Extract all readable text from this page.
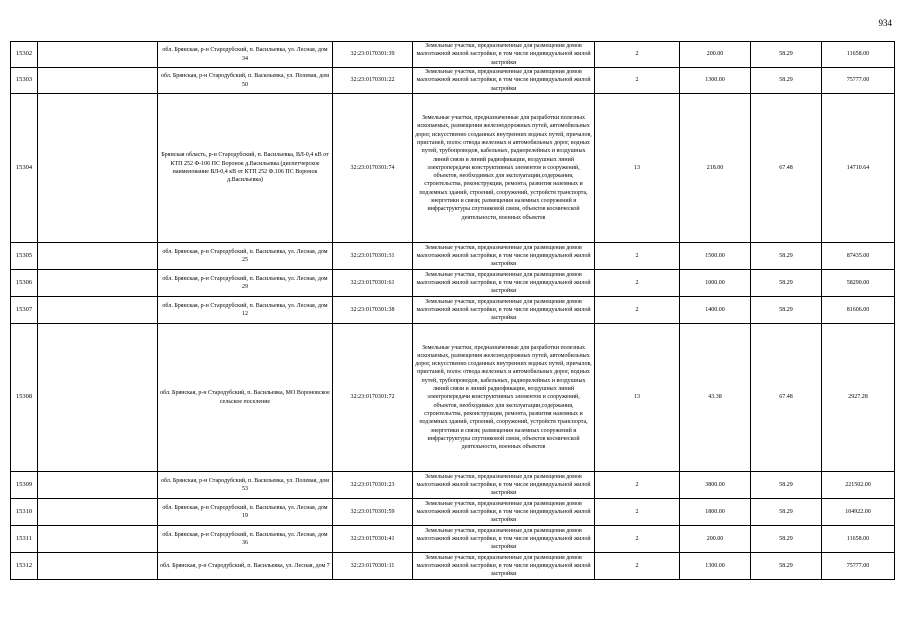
934
15302		обл. Брянская, р-н Стародубский, п. Васильевка, ул. Лесная, дом 34	32:23:0170301:39	Земельные участки, предназначенные для размещения домов малоэтажной жилой застройки, в том числе индивидуальной жилой застройки	2	200.00	58.29	11658.00
15303		обл. Брянская, р-н Стародубский, п. Васильевка, ул. Полевая, дом 50	32:23:0170301:22	Земельные участки, предназначенные для размещения домов малоэтажной жилой застройки, в том числе индивидуальной жилой застройки	2	1300.00	58.29	75777.00
15304		Брянская область, р-н Стародубский, п. Васильевка, ВЛ-0,4 кВ от КТП 252 Ф-106 ПС Воронок д.Васильевка (диспетчерское наименование ВЛ-0,4 кВ от КТП 252 Ф.106 ПС Воронок д.Васильевка)	32:23:0170301:74	Земельные участки, предназначенные для разработки полезных ископаемых, размещения железнодорожных путей, автомобильных дорог, искусственно созданных внутренних водных путей, причалов, пристаней, полос отвода железных и автомобильных дорог, водных путей, трубопроводов, кабельных, радиорелейных и воздушных линий связи и линий радиофикации, воздушных линий электропередачи конструктивных элементов и сооружений, объектов, необходимых для эксплуатации,содержания, строительства, реконструкции, ремонта, развития наземных и подземных зданий, строений, сооружений, устройств транспорта, энергетики и связи; размещения наземных сооружений и инфраструктуры спутниковой связи, объектов космической деятельности, военных объектов	13	218.00	67.48	14710.64
15305		обл. Брянская, р-н Стародубский, п. Васильевка, ул. Лесная, дом 25	32:23:0170301:31	Земельные участки, предназначенные для размещения домов малоэтажной жилой застройки, в том числе индивидуальной жилой застройки	2	1500.00	58.29	87435.00
15306		обл. Брянская, р-н Стародубский, п. Васильевка, ул. Лесная, дом 29	32:23:0170301:61	Земельные участки, предназначенные для размещения домов малоэтажной жилой застройки, в том числе индивидуальной жилой застройки	2	1000.00	58.29	58290.00
15307		обл. Брянская, р-н Стародубский, п. Васильевка, ул. Лесная, дом 12	32:23:0170301:38	Земельные участки, предназначенные для размещения домов малоэтажной жилой застройки, в том числе индивидуальной жилой застройки	2	1400.00	58.29	81606.00
15308		обл. Брянская, р-н Стародубский, п. Васильевка, МО Вороновское сельское поселение	32:23:0170301:72	Земельные участки, предназначенные для разработки полезных ископаемых, размещения железнодорожных путей, автомобильных дорог, искусственно созданных внутренних водных путей, причалов, пристаней, полос отвода железных и автомобильных дорог, водных путей, трубопроводов, кабельных, радиорелейных и воздушных линий связи и линий радиофикации, воздушных линий электропередачи конструктивных элементов и сооружений, объектов, необходимых для эксплуатации,содержания, строительства, реконструкции, ремонта, развития наземных и подземных зданий, строений, сооружений, устройств транспорта, энергетики и связи; размещения наземных сооружений и инфраструктуры спутниковой связи, объектов космической деятельности, военных объектов	13	43.38	67.48	2927.28
15309		обл. Брянская, р-н Стародубский, п. Васильевка, ул. Полевая, дом 53	32:23:0170301:23	Земельные участки, предназначенные для размещения домов малоэтажной жилой застройки, в том числе индивидуальной жилой застройки	2	3800.00	58.29	221502.00
15310		обл. Брянская, р-н Стародубский, п. Васильевка, ул. Лесная, дом 19	32:23:0170301:59	Земельные участки, предназначенные для размещения домов малоэтажной жилой застройки, в том числе индивидуальной жилой застройки	2	1800.00	58.29	104922.00
15311		обл. Брянская, р-н Стародубский, п. Васильевка, ул. Лесная, дом 36	32:23:0170301:41	Земельные участки, предназначенные для размещения домов малоэтажной жилой застройки, в том числе индивидуальной жилой застройки	2	200.00	58.29	11658.00
15312		обл. Брянская, р-н Стародубский, п. Васильевка, ул. Лесная, дом 7	32:23:0170301:11	Земельные участки, предназначенные для размещения домов малоэтажной жилой застройки, в том числе индивидуальной жилой застройки	2	1300.00	58.29	75777.00
